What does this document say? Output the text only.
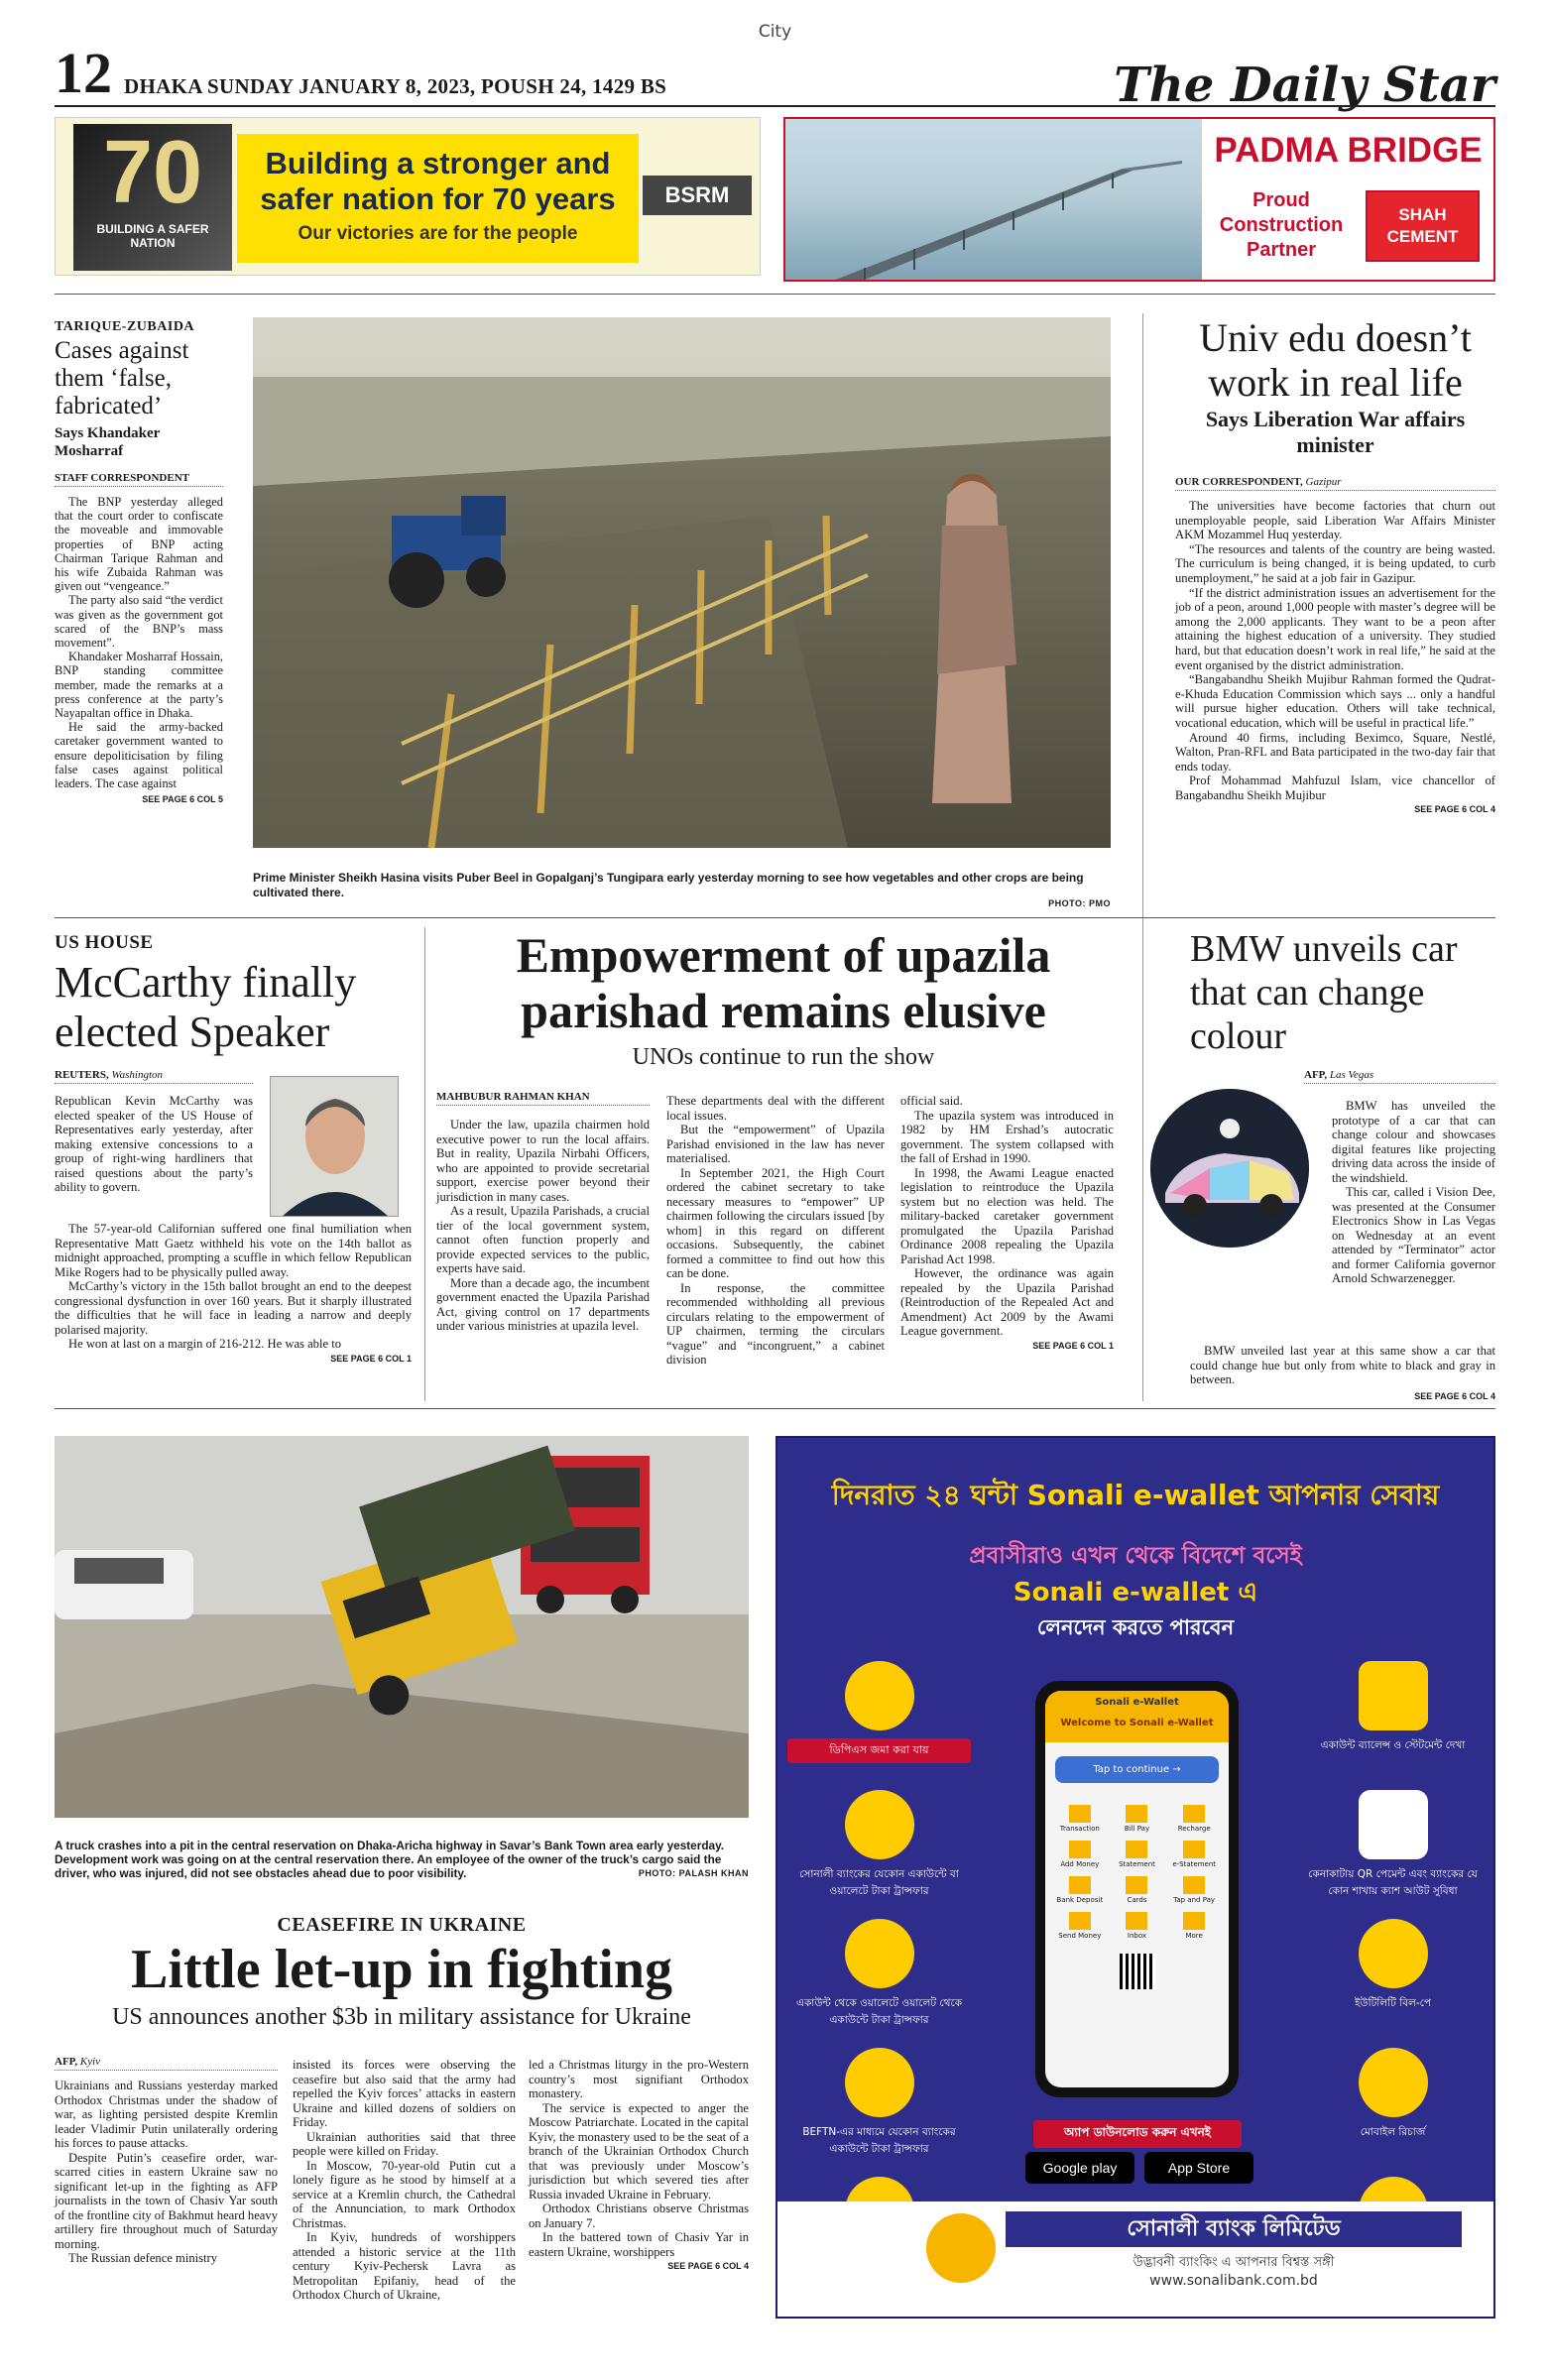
City
12 DHAKA SUNDAY JANUARY 8, 2023, POUSH 24, 1429 BS	The Daily Star
70
BUILDING A SAFER NATION
Building a stronger and safer nation for 70 years
Our victories are for the people
BSRM
PADMA BRIDGE
Proud Construction Partner
SHAH CEMENT
TARIQUE-ZUBAIDA
Cases against them ‘false, fabricated’
Says Khandaker Mosharraf
STAFF CORRESPONDENT

The BNP yesterday alleged that the court order to confiscate the moveable and immovable properties of BNP acting Chairman Tarique Rahman and his wife Zubaida Rahman was given out “vengeance.”

The party also said “the verdict was given as the government got scared of the BNP’s mass movement”.

Khandaker Mosharraf Hossain, BNP standing committee member, made the remarks at a press conference at the party’s Nayapaltan office in Dhaka.

He said the army-backed caretaker government wanted to ensure depoliticisation by filing false cases against political leaders. The case against

SEE PAGE 6 COL 5
Prime Minister Sheikh Hasina visits Puber Beel in Gopalganj’s Tungipara early yesterday morning to see how vegetables and other crops are being cultivated there.
PHOTO: PMO
Univ edu doesn’t work in real life
Says Liberation War affairs minister
OUR CORRESPONDENT, Gazipur

The universities have become factories that churn out unemployable people, said Liberation War Affairs Minister AKM Mozammel Huq yesterday.

“The resources and talents of the country are being wasted. The curriculum is being changed, it is being updated, to curb unemployment,” he said at a job fair in Gazipur.

“If the district administration issues an advertisement for the job of a peon, around 1,000 people with master’s degree will be among the 2,000 applicants. They want to be a peon after attaining the highest education of a university. They studied hard, but that education doesn’t work in real life,” he said at the event organised by the district administration.

“Bangabandhu Sheikh Mujibur Rahman formed the Qudrat-e-Khuda Education Commission which says ... only a handful will pursue higher education. Others will take technical, vocational education, which will be useful in practical life.”

Around 40 firms, including Beximco, Square, Nestlé, Walton, Pran-RFL and Bata participated in the two-day fair that ends today.

Prof Mohammad Mahfuzul Islam, vice chancellor of Bangabandhu Sheikh Mujibur

SEE PAGE 6 COL 4
US HOUSE
McCarthy finally elected Speaker
REUTERS, Washington

Republican Kevin McCarthy was elected speaker of the US House of Representatives early yesterday, after making extensive concessions to a group of right-wing hardliners that raised questions about the party’s ability to govern.

The 57-year-old Californian suffered one final humiliation when Representative Matt Gaetz withheld his vote on the 14th ballot as midnight approached, prompting a scuffle in which fellow Republican Mike Rogers had to be physically pulled away.

McCarthy’s victory in the 15th ballot brought an end to the deepest congressional dysfunction in over 160 years. But it sharply illustrated the difficulties that he will face in leading a narrow and deeply polarised majority.

He won at last on a margin of 216-212. He was able to

SEE PAGE 6 COL 1
Empowerment of upazila parishad remains elusive
UNOs continue to run the show
MAHBUBUR RAHMAN KHAN

Under the law, upazila chairmen hold executive power to run the local affairs. But in reality, Upazila Nirbahi Officers, who are appointed to provide secretarial support, exercise power beyond their jurisdiction in many cases.

As a result, Upazila Parishads, a crucial tier of the local government system, cannot often function properly and provide expected services to the public, experts have said.

More than a decade ago, the incumbent government enacted the Upazila Parishad Act, giving control on 17 departments under various ministries at upazila level.

These departments deal with the different local issues.

But the “empowerment” of Upazila Parishad envisioned in the law has never materialised.

In September 2021, the High Court ordered the cabinet secretary to take necessary measures to “empower” UP chairmen following the circulars issued [by whom] in this regard on different occasions. Subsequently, the cabinet formed a committee to find out how this can be done.

In response, the committee recommended withholding all previous circulars relating to the empowerment of UP chairmen, terming the circulars “vague” and “incongruent,” a cabinet division

official said.

The upazila system was introduced in 1982 by HM Ershad’s autocratic government. The system collapsed with the fall of Ershad in 1990.

In 1998, the Awami League enacted legislation to reintroduce the Upazila system but no election was held. The military-backed caretaker government promulgated the Upazila Parishad Ordinance 2008 repealing the Upazila Parishad Act 1998.

However, the ordinance was again repealed by the Upazila Parishad (Reintroduction of the Repealed Act and Amendment) Act 2009 by the Awami League government.

SEE PAGE 6 COL 1
BMW unveils car that can change colour
AFP, Las Vegas

BMW has unveiled the prototype of a car that can change colour and showcases digital features like projecting driving data across the inside of the windshield.

This car, called i Vision Dee, was presented at the Consumer Electronics Show in Las Vegas on Wednesday at an event attended by “Terminator” actor and former California governor Arnold Schwarzenegger.

BMW unveiled last year at this same show a car that could change hue but only from white to black and gray in between.

SEE PAGE 6 COL 4
A truck crashes into a pit in the central reservation on Dhaka-Aricha highway in Savar’s Bank Town area early yesterday. Development work was going on at the central reservation there. An employee of the owner of the truck’s cargo said the driver, who was injured, did not see obstacles ahead due to poor visibility.	PHOTO: PALASH KHAN
CEASEFIRE IN UKRAINE
Little let-up in fighting
US announces another $3b in military assistance for Ukraine
AFP, Kyiv

Ukrainians and Russians yesterday marked Orthodox Christmas under the shadow of war, as lighting persisted despite Kremlin leader Vladimir Putin unilaterally ordering his forces to pause attacks.

Despite Putin’s ceasefire order, war-scarred cities in eastern Ukraine saw no significant let-up in the fighting as AFP journalists in the town of Chasiv Yar south of the frontline city of Bakhmut heard heavy artillery fire throughout much of Saturday morning.

The Russian defence ministry

insisted its forces were observing the ceasefire but also said that the army had repelled the Kyiv forces’ attacks in eastern Ukraine and killed dozens of soldiers on Friday.

Ukrainian authorities said that three people were killed on Friday.

In Moscow, 70-year-old Putin cut a lonely figure as he stood by himself at a service at a Kremlin church, the Cathedral of the Annunciation, to mark Orthodox Christmas.

In Kyiv, hundreds of worshippers attended a historic service at the 11th century Kyiv-Pechersk Lavra as Metropolitan Epifaniy, head of the Orthodox Church of Ukraine,

led a Christmas liturgy in the pro-Western country’s most signifiant Orthodox monastery.

The service is expected to anger the Moscow Patriarchate. Located in the capital Kyiv, the monastery used to be the seat of a branch of the Ukrainian Orthodox Church that was previously under Moscow’s jurisdiction but which severed ties after Russia invaded Ukraine in February.

Orthodox Christians observe Christmas on January 7.

In the battered town of Chasiv Yar in eastern Ukraine, worshippers

SEE PAGE 6 COL 4
দিনরাত ২৪ ঘন্টা Sonali e-wallet আপনার সেবায়
প্রবাসীরাও এখন থেকে বিদেশে বসেই
Sonali e-wallet এ
লেনদেন করতে পারবেন
ডিপিএস জমা করা যায়
সোনালী ব্যাংকের যেকোন একাউন্টে বা ওয়ালেটে টাকা ট্রান্সফার
একাউন্ট থেকে ওয়ালেটে ওয়ালেট থেকে একাউন্টে টাকা ট্রান্সফার
BEFTN-এর মাধ্যমে যেকোন ব্যাংকের একাউন্টে টাকা ট্রান্সফার
Sonali e-Wallet
Welcome to Sonali e-Wallet
Tap to continue →
Transaction	Bill Pay	Recharge
Add Money	Statement	e-Statement
Bank Deposit	Cards	Tap and Pay
Send Money	Inbox	More
একাউন্ট ব্যালেন্স ও স্টেটমেন্ট দেখা
কেনাকাটায় QR পেমেন্ট এবং ব্যাংকের যে কোন শাখায় ক্যাশ আউট সুবিধা
ইউটিলিটি বিল-পে
মোবাইল রিচার্জ
অ্যাপ ডাউনলোড করুন এখনই
Google play	App Store
সোনালী ব্যাংক লিমিটেড
উদ্ভাবনী ব্যাংকিং এ আপনার বিশ্বস্ত সঙ্গী
www.sonalibank.com.bd
